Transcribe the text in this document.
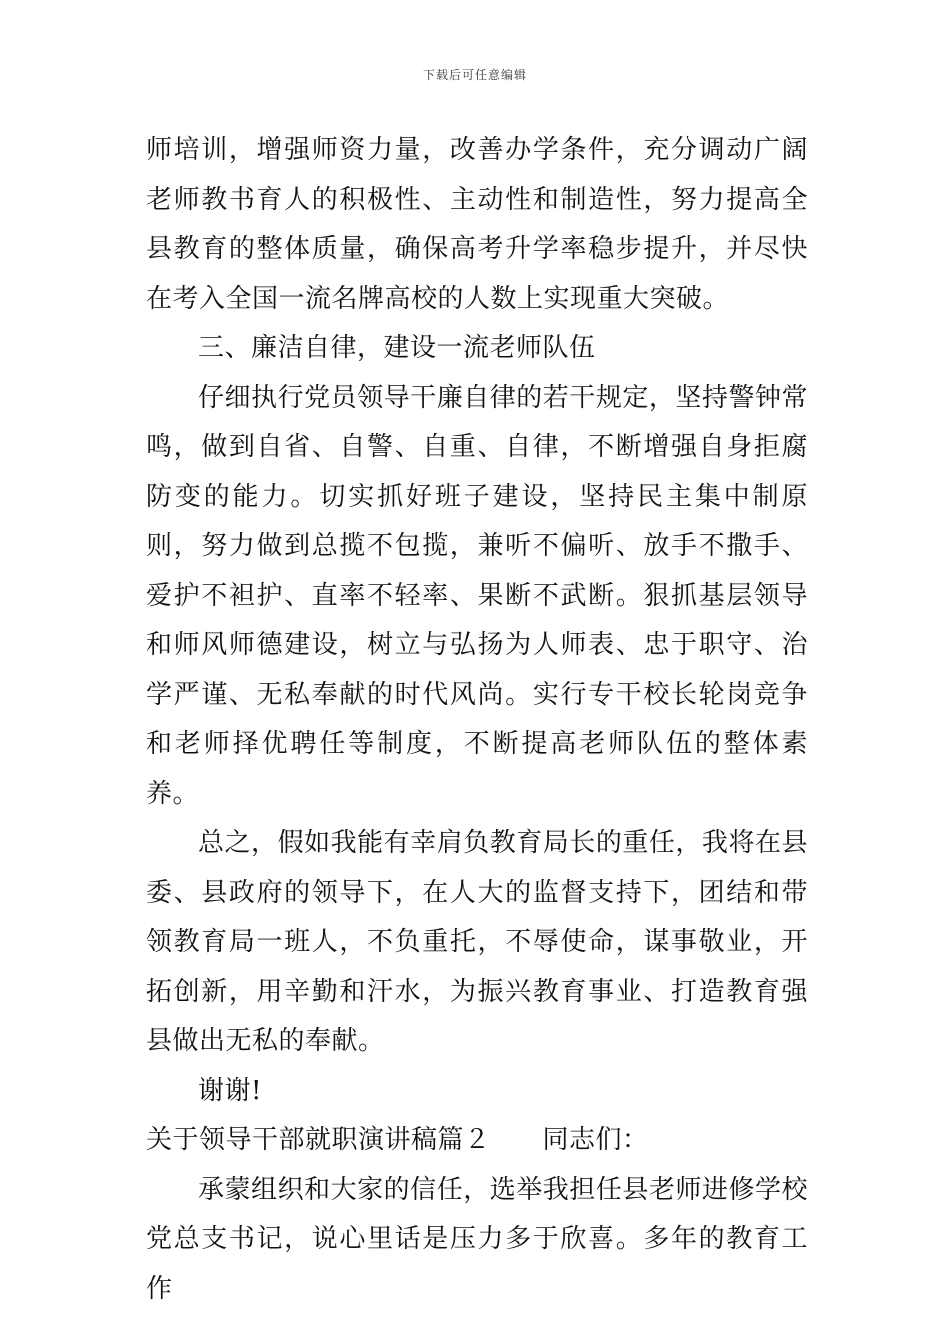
下载后可任意编辑

师培训，增强师资力量，改善办学条件，充分调动广阔老师教书育人的积极性、主动性和制造性，努力提高全县教育的整体质量，确保高考升学率稳步提升，并尽快在考入全国一流名牌高校的人数上实现重大突破。

三、廉洁自律，建设一流老师队伍

仔细执行党员领导干廉自律的若干规定，坚持警钟常鸣，做到自省、自警、自重、自律，不断增强自身拒腐防变的能力。切实抓好班子建设，坚持民主集中制原则，努力做到总揽不包揽，兼听不偏听、放手不撒手、爱护不袒护、直率不轻率、果断不武断。狠抓基层领导和师风师德建设，树立与弘扬为人师表、忠于职守、治学严谨、无私奉献的时代风尚。实行专干校长轮岗竞争和老师择优聘任等制度，不断提高老师队伍的整体素养。

总之，假如我能有幸肩负教育局长的重任，我将在县委、县政府的领导下，在人大的监督支持下，团结和带领教育局一班人，不负重托，不辱使命，谋事敬业，开拓创新，用辛勤和汗水，为振兴教育事业、打造教育强县做出无私的奉献。

谢谢!

关于领导干部就职演讲稿篇２ 同志们：

承蒙组织和大家的信任，选举我担任县老师进修学校党总支书记，说心里话是压力多于欣喜。多年的教育工作
